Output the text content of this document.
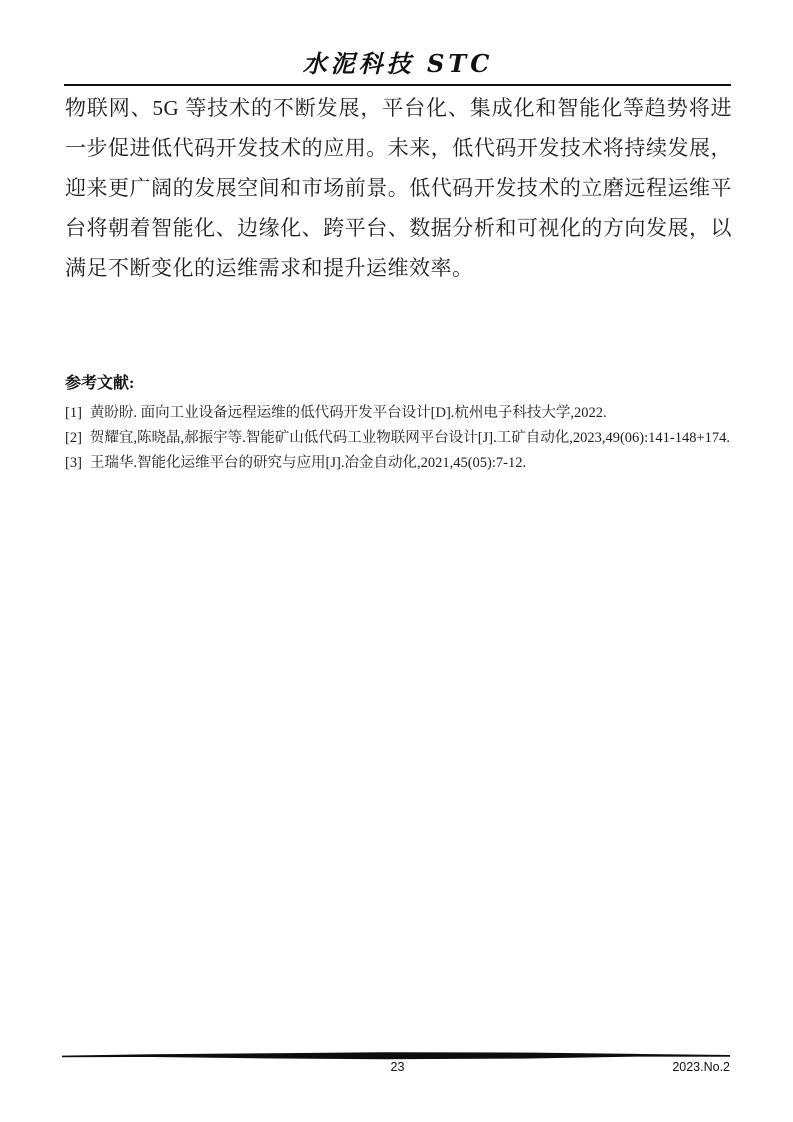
水泥科技 STC
物联网、5G 等技术的不断发展，平台化、集成化和智能化等趋势将进一步促进低代码开发技术的应用。未来，低代码开发技术将持续发展，迎来更广阔的发展空间和市场前景。低代码开发技术的立磨远程运维平台将朝着智能化、边缘化、跨平台、数据分析和可视化的方向发展，以满足不断变化的运维需求和提升运维效率。
参考文献:
[1] 黄盼盼. 面向工业设备远程运维的低代码开发平台设计[D].杭州电子科技大学,2022.
[2] 贺耀宜,陈晓晶,郝振宇等.智能矿山低代码工业物联网平台设计[J].工矿自动化,2023,49(06):141-148+174.
[3] 王瑞华.智能化运维平台的研究与应用[J].冶金自动化,2021,45(05):7-12.
23	2023.No.2
